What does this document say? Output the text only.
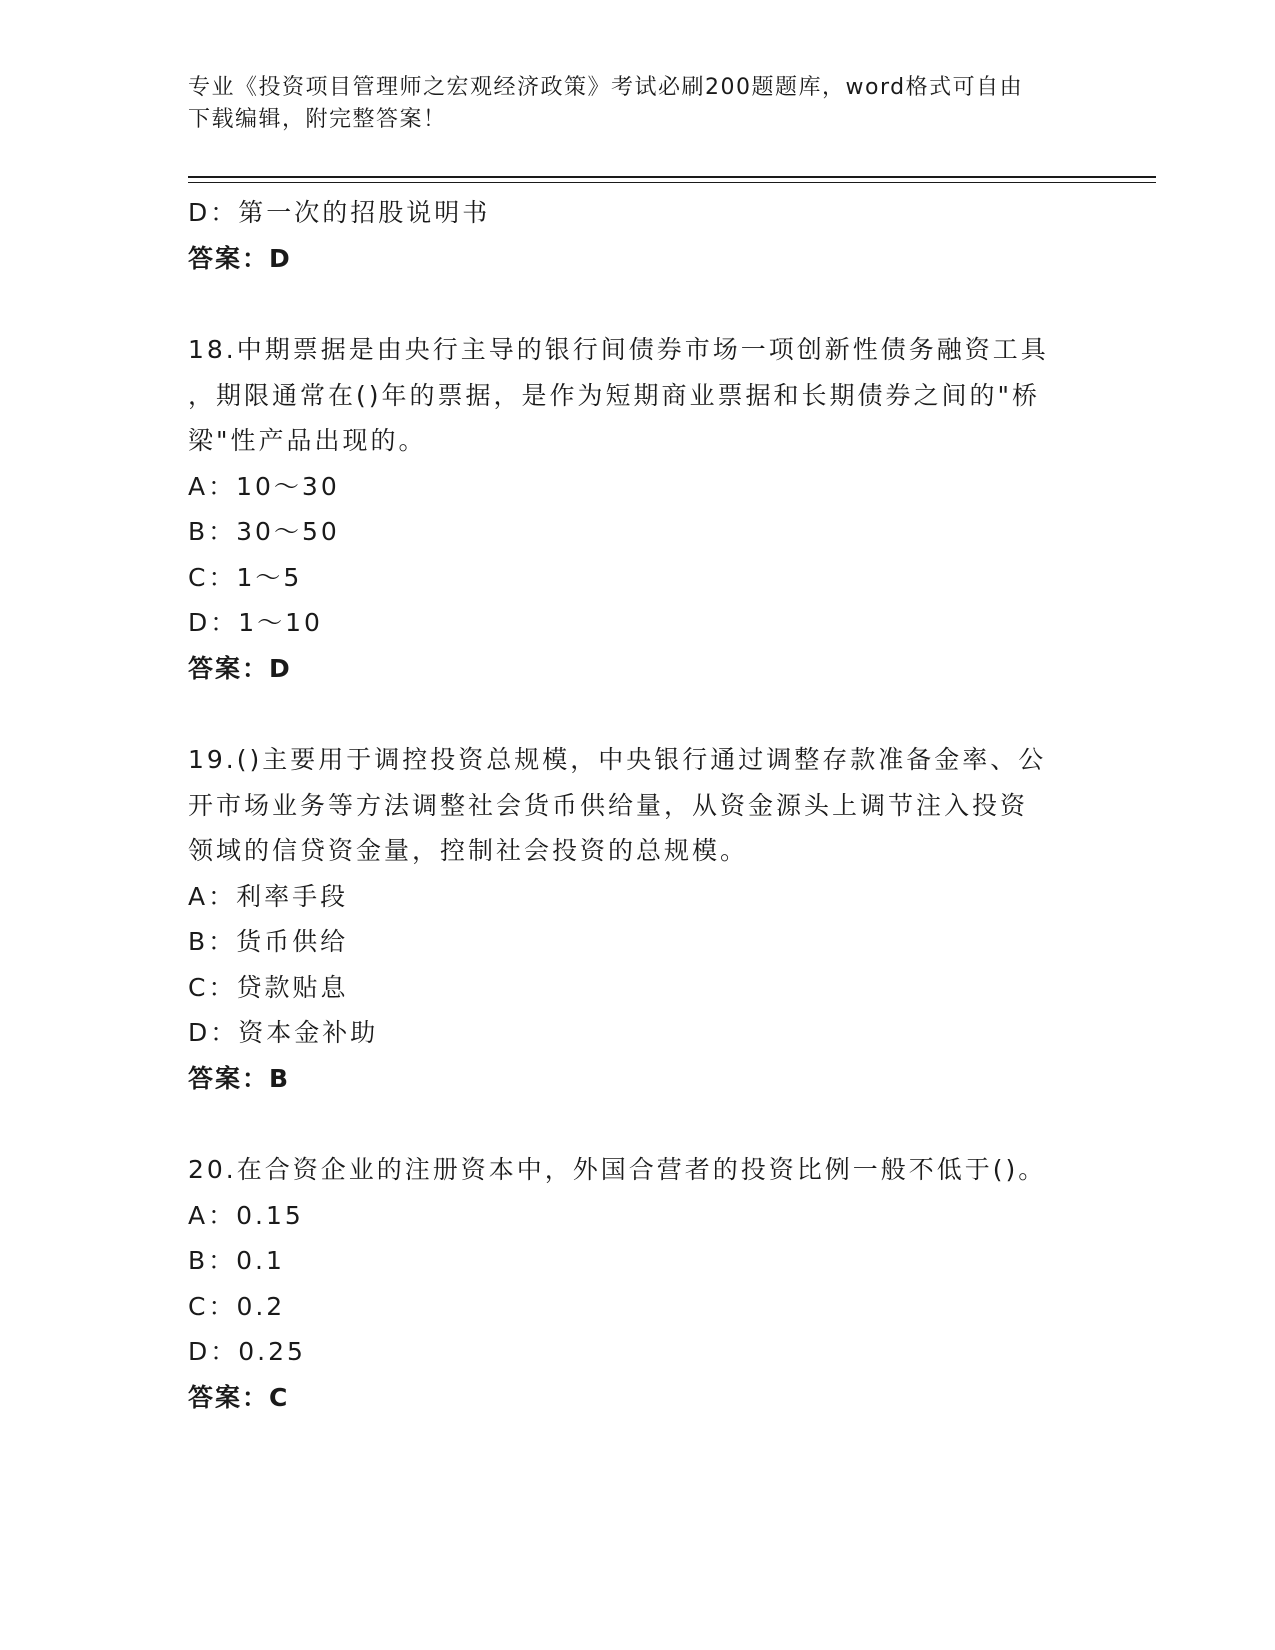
专业《投资项目管理师之宏观经济政策》考试必刷200题题库，word格式可自由
下载编辑，附完整答案！
D：第一次的招股说明书
答案：D
18.中期票据是由央行主导的银行间债券市场一项创新性债务融资工具
，期限通常在()年的票据，是作为短期商业票据和长期债券之间的"桥
梁"性产品出现的。
A：10～30
B：30～50
C：1～5
D：1～10
答案：D
19.()主要用于调控投资总规模，中央银行通过调整存款准备金率、公
开市场业务等方法调整社会货币供给量，从资金源头上调节注入投资
领域的信贷资金量，控制社会投资的总规模。
A：利率手段
B：货币供给
C：贷款贴息
D：资本金补助
答案：B
20.在合资企业的注册资本中，外国合营者的投资比例一般不低于()。
A：0.15
B：0.1
C：0.2
D：0.25
答案：C
